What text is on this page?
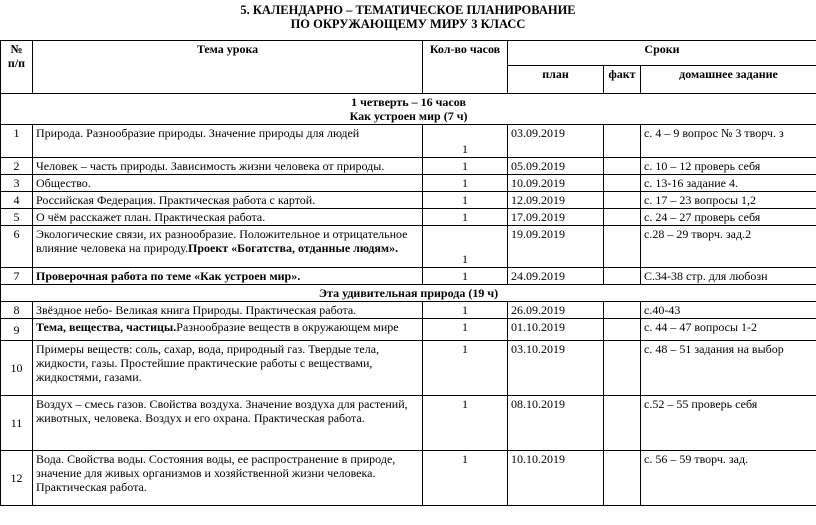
5. КАЛЕНДАРНО – ТЕМАТИЧЕСКОЕ ПЛАНИРОВАНИЕ
ПО ОКРУЖАЮЩЕМУ МИРУ 3 КЛАСС
№ п/п	Тема урока	Кол-во часов	Сроки		
			план	факт	домашнее задание

1 четверть – 16 часов
Как устроен мир (7 ч)					

1	Природа. Разнообразие природы. Значение природы для людей	1	03.09.2019		с. 4 – 9 вопрос № 3 творч. з
2	Человек – часть природы. Зависимость жизни человека от природы.	1	05.09.2019		с. 10 – 12 проверь себя
3	Общество.	1	10.09.2019		с. 13-16 задание 4.
4	Российская Федерация. Практическая работа с картой.	1	12.09.2019		с. 17 – 23 вопросы 1,2
5	О чём расскажет план. Практическая работа.	1	17.09.2019		с. 24 – 27 проверь себя
6	Экологические связи, их разнообразие. Положительное и отрицательное влияние человека на природу.Проект «Богатства, отданные людям».	1	19.09.2019		с.28 – 29 творч. зад.2
7	Проверочная работа по теме «Как устроен мир».	1	24.09.2019		С.34-38 стр. для любозн
Эта удивительная природа (19 ч)					
8	Звёздное небо- Великая книга Природы. Практическая работа.	1	26.09.2019		с.40-43
9	Тема, вещества, частицы.Разнообразие веществ в окружающем мире	1	01.10.2019		с. 44 – 47 вопросы 1-2
10	Примеры веществ: соль, сахар, вода, природный газ. Твердые тела, жидкости, газы. Простейшие практические работы с веществами, жидкостями, газами.	1	03.10.2019		с. 48 – 51 задания на выбор
11	Воздух – смесь газов. Свойства воздуха. Значение воздуха для растений, животных, человека. Воздух и его охрана. Практическая работа.	1	08.10.2019		с.52 – 55 проверь себя
12	Вода. Свойства воды. Состояния воды, ее распространение в природе, значение для живых организмов и хозяйственной жизни человека. Практическая работа.	1	10.10.2019		с. 56 – 59 творч. зад.
